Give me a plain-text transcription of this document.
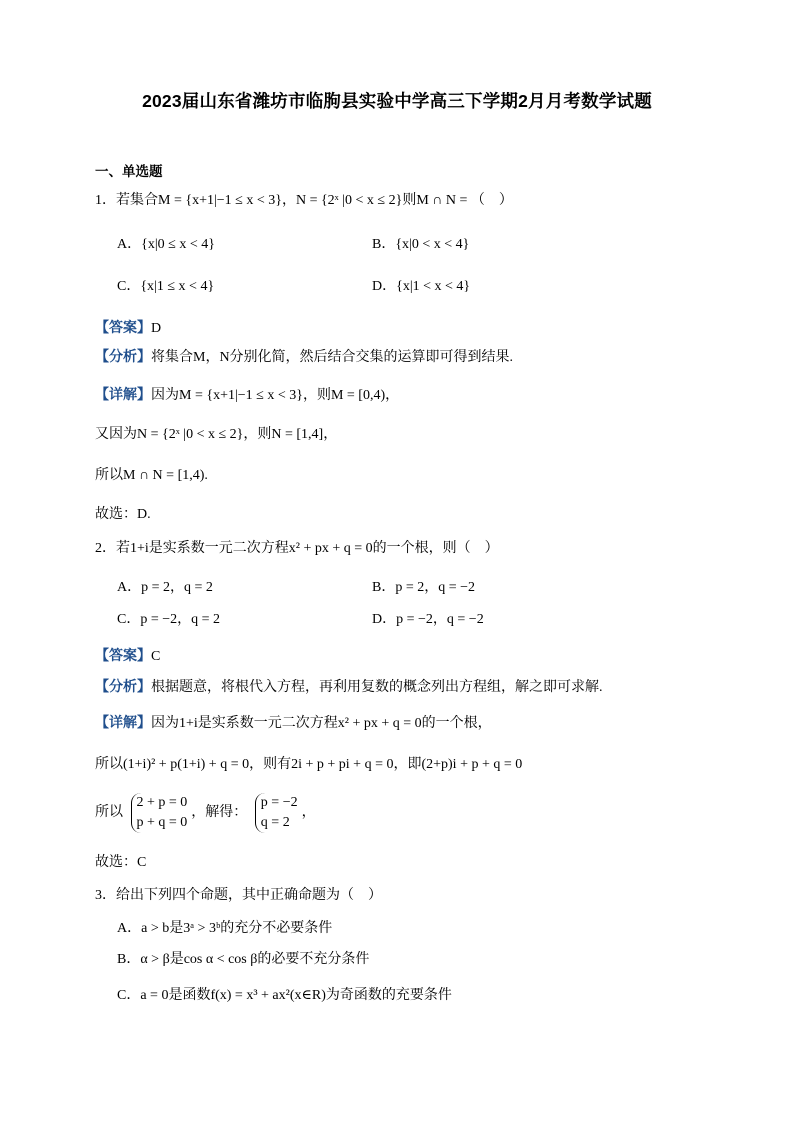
2023届山东省潍坊市临朐县实验中学高三下学期2月月考数学试题
一、单选题
1．若集合M = {x+1|−1 ≤ x < 3}，N = {2ˣ |0 < x ≤ 2}则M ∩ N = （　）
A．{x|0 ≤ x < 4}	B．{x|0 < x < 4}
C．{x|1 ≤ x < 4}	D．{x|1 < x < 4}
【答案】D
【分析】将集合M，N分别化简，然后结合交集的运算即可得到结果.
【详解】因为M = {x+1|−1 ≤ x < 3}，则M = [0,4)，
又因为N = {2ˣ |0 < x ≤ 2}，则N = [1,4]，
所以M ∩ N = [1,4).
故选：D.
2．若1+i是实系数一元二次方程x² + px + q = 0的一个根，则（　）
A．p = 2，q = 2	B．p = 2，q = −2
C．p = −2，q = 2	D．p = −2，q = −2
【答案】C
【分析】根据题意，将根代入方程，再利用复数的概念列出方程组，解之即可求解.
【详解】因为1+i是实系数一元二次方程x² + px + q = 0的一个根，
所以(1+i)² + p(1+i) + q = 0，则有2i + p + pi + q = 0，即(2+p)i + p + q = 0
所以
2 + p = 0
p + q = 0
，解得：
p = −2
q = 2
，
故选：C
3．给出下列四个命题，其中正确命题为（　）
A．a > b是3ᵃ > 3ᵇ的充分不必要条件
B．α > β是cos α < cos β的必要不充分条件
C．a = 0是函数f(x) = x³ + ax²(x∈R)为奇函数的充要条件
